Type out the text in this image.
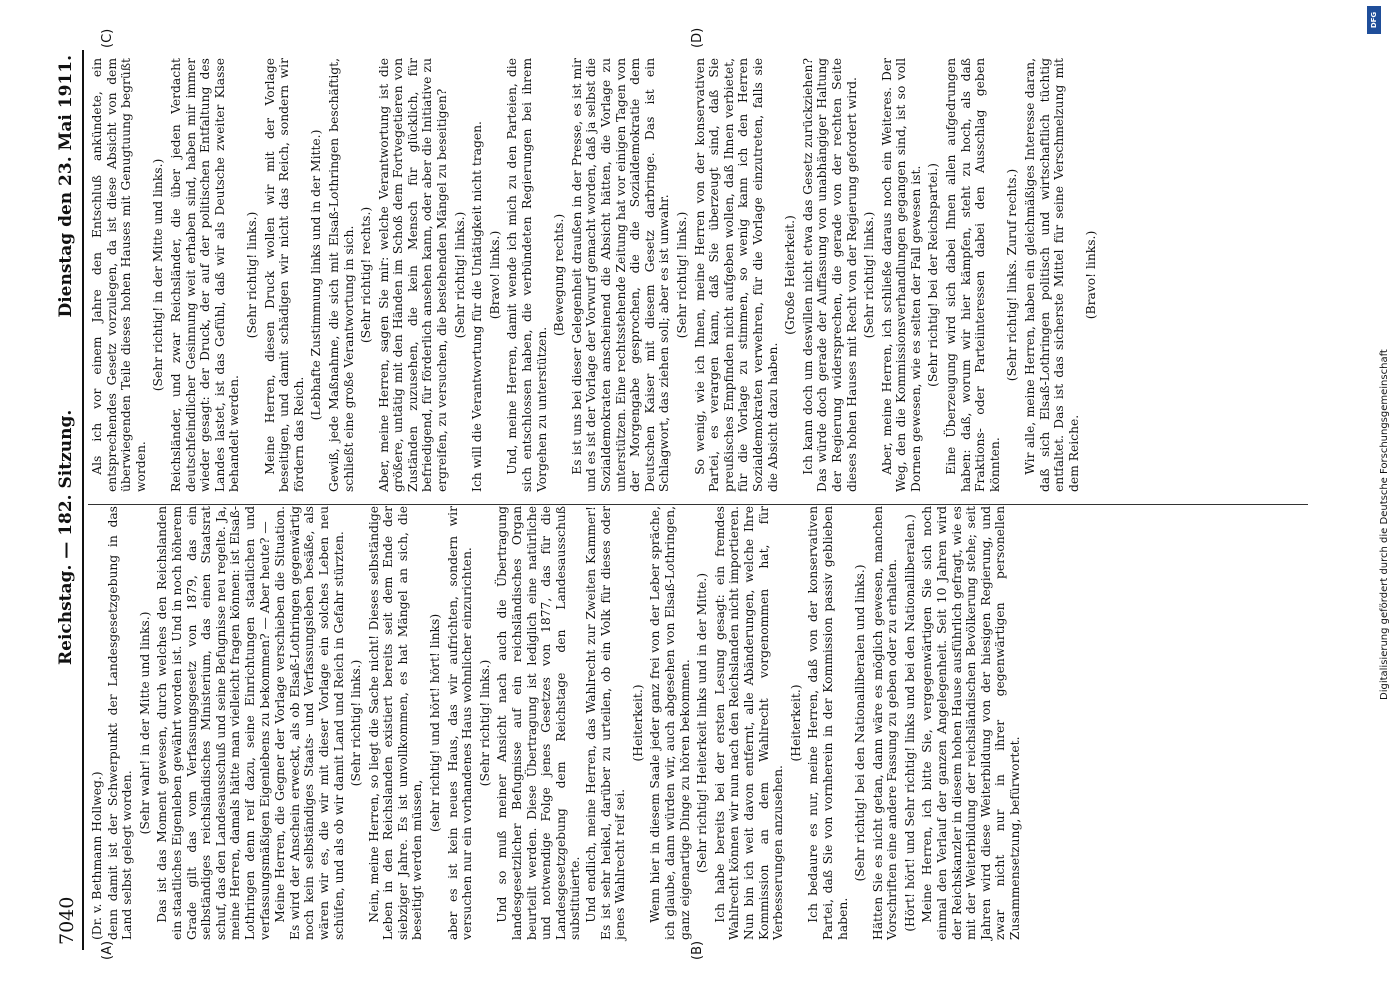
7040
Reichstag. — 182. Sitzung.
Dienstag den 23. Mai 1911.
(A)	(B)
(C)	(D)

(Dr. v. Bethmann Hollweg.) denn damit ist der Schwerpunkt der Landesgesetzgebung in das Land selbst gelegt worden.

(Sehr wahr! in der Mitte und links.) Das ist das Moment gewesen, durch welches den Reichslanden ein staatliches Eigenleben gewährt worden ist. Und in noch höherem Grade gilt das vom Verfassungsgesetz von 1879, das ein selbständiges reichsländisches Ministerium, das einen Staatsrat schuf, das den Landesausschuß und seine Befugnisse neu regelte. Ja, meine Herren, damals hätte man vielleicht fragen können: ist Elsaß-Lothringen denn reif dazu, seine Einrichtungen staatlichen und verfassungsmäßigen Eigenlebens zu bekommen? — Aber heute? — Meine Herren, die Gegner der Vorlage verschieben die Situation. Es wird der Anschein erweckt, als ob Elsaß-Lothringen gegenwärtig noch kein selbständiges Staats- und Verfassungsleben besäße, als wären wir es, die wir mit dieser Vorlage ein solches Leben neu schüfen, und als ob wir damit Land und Reich in Gefahr stürzten. (Sehr richtig! links.) Nein, meine Herren, so liegt die Sache nicht! Dieses selbständige Leben in den Reichslanden existiert bereits seit dem Ende der siebziger Jahre. Es ist unvollkommen, es hat Mängel an sich, die beseitigt werden müssen,

(sehr richtig! und hört! hört! links) aber es ist kein neues Haus, das wir aufrichten, sondern wir versuchen nur ein vorhandenes Haus wohnlicher einzurichten. (Sehr richtig! links.) Und so muß meiner Ansicht nach auch die Übertragung landesgesetzlicher Befugnisse auf ein reichsländisches Organ beurteilt werden. Diese Übertragung ist lediglich eine natürliche und notwendige Folge jenes Gesetzes von 1877, das für die Landesgesetzgebung dem Reichstage den Landesausschuß substituierte. Und endlich, meine Herren, das Wahlrecht zur Zweiten Kammer! Es ist sehr heikel, darüber zu urteilen, ob ein Volk für dieses oder jenes Wahlrecht reif sei.

(Heiterkeit.) Wenn hier in diesem Saale jeder ganz frei von der Leber spräche, ich glaube, dann würden wir, auch abgesehen von Elsaß-Lothringen, ganz eigenartige Dinge zu hören bekommen. (Sehr richtig! Heiterkeit links und in der Mitte.) Ich habe bereits bei der ersten Lesung gesagt: ein fremdes Wahlrecht können wir nun nach den Reichslanden nicht importieren. Nun bin ich weit davon entfernt, alle Abänderungen, welche Ihre Kommission an dem Wahlrecht vorgenommen hat, für Verbesserungen anzusehen.

(Heiterkeit.) Ich bedaure es nur, meine Herren, daß von der konservativen Partei, daß Sie von vornherein in der Kommission passiv geblieben haben.

(Sehr richtig! bei den Nationalliberalen und links.) Hätten Sie es nicht getan, dann wäre es möglich gewesen, manchen Vorschriften eine andere Fassung zu geben oder zu erhalten. (Hört! hört! und Sehr richtig! links und bei den Nationalliberalen.) Meine Herren, ich bitte Sie, vergegenwärtigen Sie sich noch einmal den Verlauf der ganzen Angelegenheit. Seit 10 Jahren wird der Reichskanzler in diesem hohen Hause ausführlich gefragt, wie es mit der Weiterbildung der reichsländischen Bevölkerung stehe; seit Jahren wird diese Weiterbildung von der hiesigen Regierung, und zwar nicht nur in ihrer gegenwärtigen personellen Zusammensetzung, befürwortet.

Als ich vor einem Jahre den Entschluß ankündete, ein entsprechendes Gesetz vorzulegen, da ist diese Absicht von dem überwiegenden Teile dieses hohen Hauses mit Genugtuung begrüßt worden.

(Sehr richtig! in der Mitte und links.) Reichsländer, und zwar Reichsländer, die über jeden Verdacht deutschfeindlicher Gesinnung weit erhaben sind, haben mir immer wieder gesagt: der Druck, der auf der politischen Entfaltung des Landes lastet, ist das Gefühl, daß wir als Deutsche zweiter Klasse behandelt werden.

(Sehr richtig! links.) Meine Herren, diesen Druck wollen wir mit der Vorlage beseitigen, und damit schädigen wir nicht das Reich, sondern wir fördern das Reich.

(Lebhafte Zustimmung links und in der Mitte.) Gewiß, jede Maßnahme, die sich mit Elsaß-Lothringen beschäftigt, schließt eine große Verantwortung in sich. (Sehr richtig! rechts.) Aber, meine Herren, sagen Sie mir: welche Verantwortung ist die größere, untätig mit den Händen im Schoß dem Fortvegetieren von Zuständen zuzusehen, die kein Mensch für glücklich, für befriedigend, für förderlich ansehen kann, oder aber die Initiative zu ergreifen, zu versuchen, die bestehenden Mängel zu beseitigen? (Sehr richtig! links.) Ich will die Verantwortung für die Untätigkeit nicht tragen. (Bravo! links.) Und, meine Herren, damit wende ich mich zu den Parteien, die sich entschlossen haben, die verbündeten Regierungen bei ihrem Vorgehen zu unterstützen.

(Bewegung rechts.) Es ist uns bei dieser Gelegenheit draußen in der Presse, es ist mir und es ist der Vorlage der Vorwurf gemacht worden, daß ja selbst die Sozialdemokraten anscheinend die Absicht hätten, die Vorlage zu unterstützen. Eine rechtsstehende Zeitung hat vor einigen Tagen von der Morgengabe gesprochen, die die Sozialdemokratie dem Deutschen Kaiser mit diesem Gesetz darbringe. Das ist ein Schlagwort, das ziehen soll; aber es ist unwahr. (Sehr richtig! links.) So wenig, wie ich Ihnen, meine Herren von der konservativen Partei, es verargen kann, daß Sie überzeugt sind, daß Sie preußisches Empfinden nicht aufgeben wollen, daß Ihnen verbietet, für die Vorlage zu stimmen, so wenig kann ich den Herren Sozialdemokraten verwehren, für die Vorlage einzutreten, falls sie die Absicht dazu haben.

(Große Heiterkeit.) Ich kann doch um deswillen nicht etwa das Gesetz zurückziehen? Das würde doch gerade der Auffassung von unabhängiger Haltung der Regierung widersprechen, die gerade von der rechten Seite dieses hohen Hauses mit Recht von der Regierung gefordert wird. (Sehr richtig! links.) Aber, meine Herren, ich schließe daraus noch ein Weiteres. Der Weg, den die Kommissionsverhandlungen gegangen sind, ist so voll Dornen gewesen, wie es selten der Fall gewesen ist. (Sehr richtig! bei der Reichspartei.) Eine Überzeugung wird sich dabei Ihnen allen aufgedrungen haben: daß, worum wir hier kämpfen, steht zu hoch, als daß Fraktions- oder Parteiinteressen dabei den Ausschlag geben könnten.

(Sehr richtig! links. Zuruf rechts.) Wir alle, meine Herren, haben ein gleichmäßiges Interesse daran, daß sich Elsaß-Lothringen politisch und wirtschaftlich tüchtig entfaltet. Das ist das sicherste Mittel für seine Verschmelzung mit dem Reiche.

(Bravo! links.)

Digitalisierung gefördert durch die Deutsche Forschungsgemeinschaft
DFG
